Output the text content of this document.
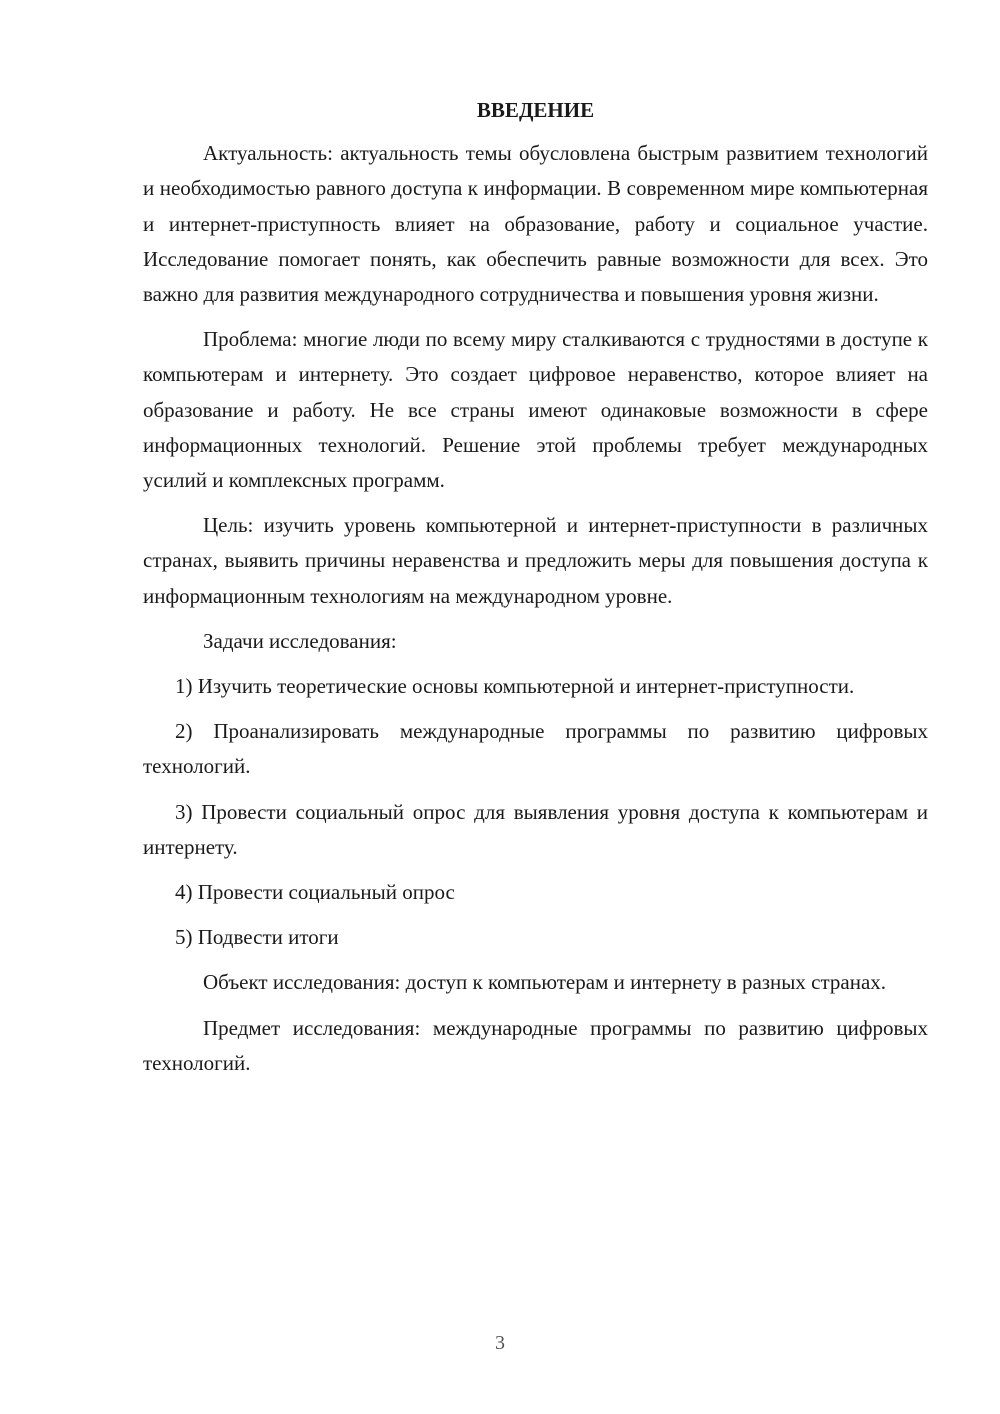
ВВЕДЕНИЕ

Актуальность: актуальность темы обусловлена быстрым развитием технологий и необходимостью равного доступа к информации. В современном мире компьютерная и интернет-приступность влияет на образование, работу и социальное участие. Исследование помогает понять, как обеспечить равные возможности для всех. Это важно для развития международного сотрудничества и повышения уровня жизни.

Проблема: многие люди по всему миру сталкиваются с трудностями в доступе к компьютерам и интернету. Это создает цифровое неравенство, которое влияет на образование и работу. Не все страны имеют одинаковые возможности в сфере информационных технологий. Решение этой проблемы требует международных усилий и комплексных программ.

Цель: изучить уровень компьютерной и интернет-приступности в различных странах, выявить причины неравенства и предложить меры для повышения доступа к информационным технологиям на международном уровне.

Задачи исследования:

1) Изучить теоретические основы компьютерной и интернет-приступности.

2) Проанализировать международные программы по развитию цифровых технологий.

3) Провести социальный опрос для выявления уровня доступа к компьютерам и интернету.

4) Провести социальный опрос

5) Подвести итоги

Объект исследования: доступ к компьютерам и интернету в разных странах.

Предмет исследования: международные программы по развитию цифровых технологий.

3
